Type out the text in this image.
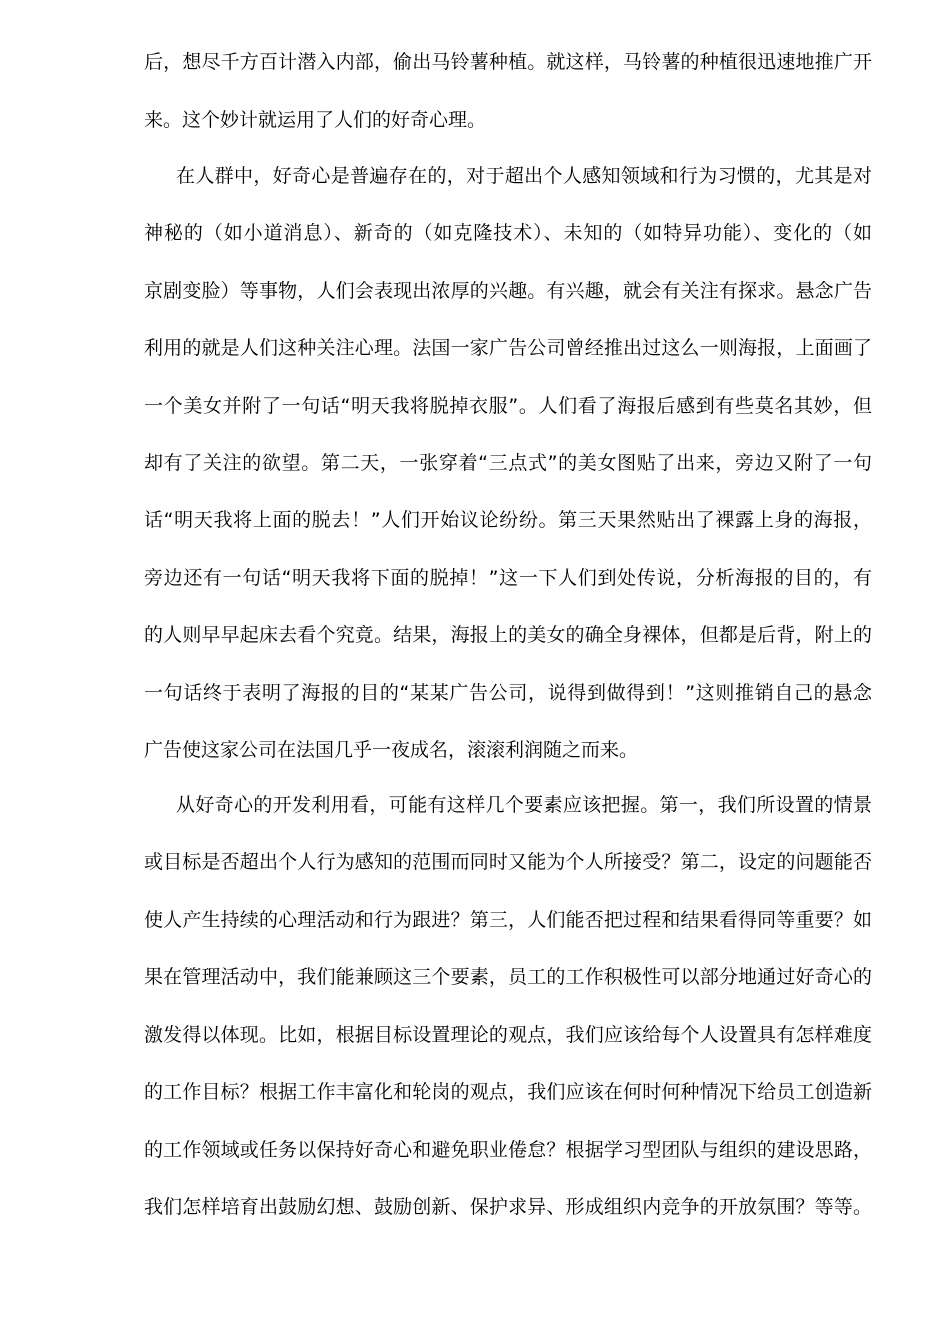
后，想尽千方百计潜入内部，偷出马铃薯种植。就这样，马铃薯的种植很迅速地推广开
来。这个妙计就运用了人们的好奇心理。
在人群中，好奇心是普遍存在的，对于超出个人感知领域和行为习惯的，尤其是对
神秘的（如小道消息）、新奇的（如克隆技术）、未知的（如特异功能）、变化的（如
京剧变脸）等事物，人们会表现出浓厚的兴趣。有兴趣，就会有关注有探求。悬念广告
利用的就是人们这种关注心理。法国一家广告公司曾经推出过这么一则海报，上面画了
一个美女并附了一句话“明天我将脱掉衣服”。人们看了海报后感到有些莫名其妙，但
却有了关注的欲望。第二天，一张穿着“三点式”的美女图贴了出来，旁边又附了一句
话“明天我将上面的脱去！”人们开始议论纷纷。第三天果然贴出了裸露上身的海报，
旁边还有一句话“明天我将下面的脱掉！”这一下人们到处传说，分析海报的目的，有
的人则早早起床去看个究竟。结果，海报上的美女的确全身裸体，但都是后背，附上的
一句话终于表明了海报的目的“某某广告公司，说得到做得到！”这则推销自己的悬念
广告使这家公司在法国几乎一夜成名，滚滚利润随之而来。
从好奇心的开发利用看，可能有这样几个要素应该把握。第一，我们所设置的情景
或目标是否超出个人行为感知的范围而同时又能为个人所接受？第二，设定的问题能否
使人产生持续的心理活动和行为跟进？第三，人们能否把过程和结果看得同等重要？如
果在管理活动中，我们能兼顾这三个要素，员工的工作积极性可以部分地通过好奇心的
激发得以体现。比如，根据目标设置理论的观点，我们应该给每个人设置具有怎样难度
的工作目标？根据工作丰富化和轮岗的观点，我们应该在何时何种情况下给员工创造新
的工作领域或任务以保持好奇心和避免职业倦怠？根据学习型团队与组织的建设思路，
我们怎样培育出鼓励幻想、鼓励创新、保护求异、形成组织内竞争的开放氛围？等等。
